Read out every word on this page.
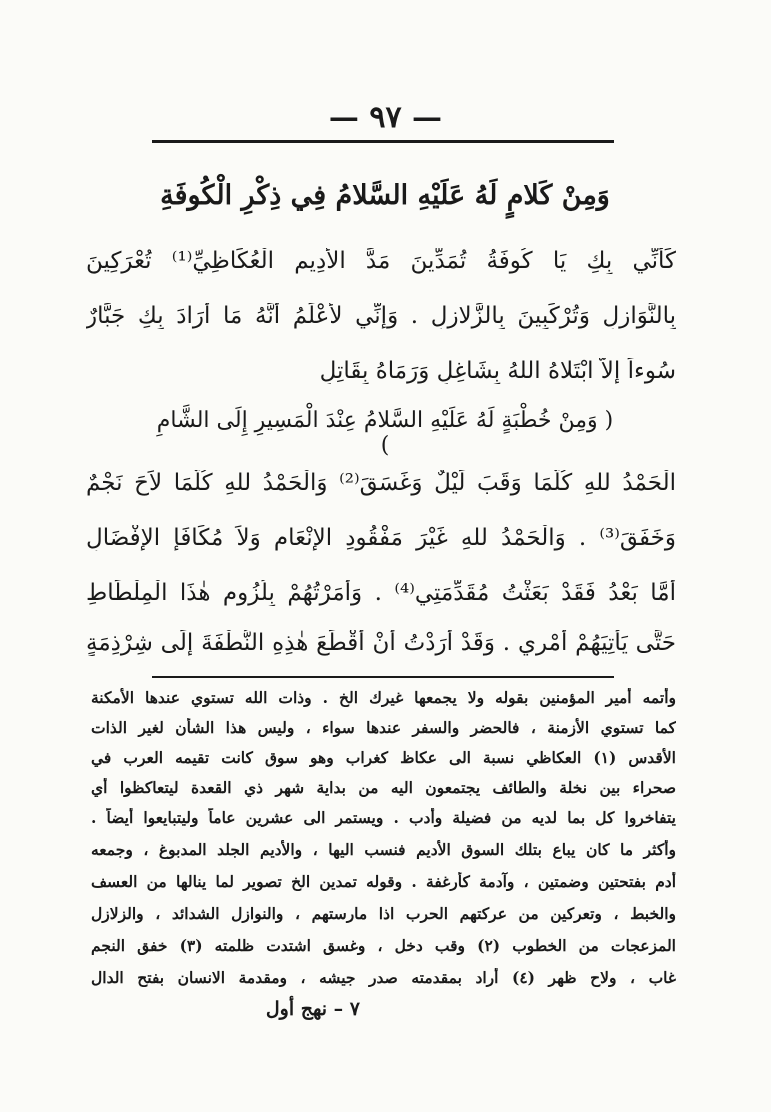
— ٩٧ —
وَمِنْ كَلامٍ لَهُ عَلَيْهِ السَّلامُ فِي ذِكْرِ الْكُوفَةِ
كَأَنِّي بِكِ يَا كُوفَةُ تُمَدِّينَ مَدَّ الأَدِيمِ الْعُكَاظِيِّ⁽¹⁾ تُعْرَكِينَ
بِالنَّوَازِلِ وَتُرْكَبِينَ بِالزَّلازِلِ . وَإِنِّي لأَعْلَمُ أَنَّهُ مَا أَرَادَ بِكِ جَبَّارٌ
سُوءاً إِلاَّ ابْتَلاهُ اللهُ بِشَاغِلٍ وَرَمَاهُ بِقَاتِلٍ
( وَمِنْ خُطْبَةٍ لَهُ عَلَيْهِ السَّلامُ عِنْدَ الْمَسِيرِ إِلَى الشَّامِ )
الْحَمْدُ للهِ كُلَّمَا وَقَبَ لَيْلٌ وَغَسَقَ⁽²⁾ وَالْحَمْدُ للهِ كُلَّمَا لاَحَ نَجْمٌ
وَخَفَقَ⁽³⁾ . وَالْحَمْدُ للهِ غَيْرَ مَفْقُودِ الإِنْعَامِ وَلاَ مُكَافَإِ الإِفْضَالِ
أَمَّا بَعْدُ فَقَدْ بَعَثْتُ مُقَدِّمَتِي⁽⁴⁾ . وَأَمَرْتُهُمْ بِلُزُومِ هٰذَا الْمِلْطَاطِ
حَتَّى يَأْتِيَهُمْ أَمْرِي . وَقَدْ أَرَدْتُ أَنْ أَقْطَعَ هٰذِهِ النُّطْفَةَ إِلَى شِرْذِمَةٍ
وأتمه أمير المؤمنين بقوله ولا يجمعها غيرك الخ . وذات الله تستوي عندها الأمكنة
كما تستوي الأزمنة ، فالحضر والسفر عندها سواء ، وليس هذا الشأن لغير الذات
الأقدس (١) العكاظي نسبة الى عكاظ كغراب وهو سوق كانت تقيمه العرب في
صحراء بين نخلة والطائف يجتمعون اليه من بداية شهر ذي القعدة ليتعاكظوا أي
يتفاخروا كل بما لديه من فضيلة وأدب . ويستمر الى عشرين عاماً وليتبايعوا أيضاً .
وأكثر ما كان يباع بتلك السوق الأديم فنسب اليها ، والأديم الجلد المدبوغ ، وجمعه
أدم بفتحتين وضمتين ، وآدمة كأرغفة . وقوله تمدين الخ تصوير لما ينالها من العسف
والخبط ، وتعركين من عركتهم الحرب اذا مارستهم ، والنوازل الشدائد ، والزلازل
المزعجات من الخطوب (٢) وقب دخل ، وغسق اشتدت ظلمته (٣) خفق النجم
غاب ، ولاح ظهر (٤) أراد بمقدمته صدر جيشه ، ومقدمة الانسان بفتح الدال
٧ – نهج أول
